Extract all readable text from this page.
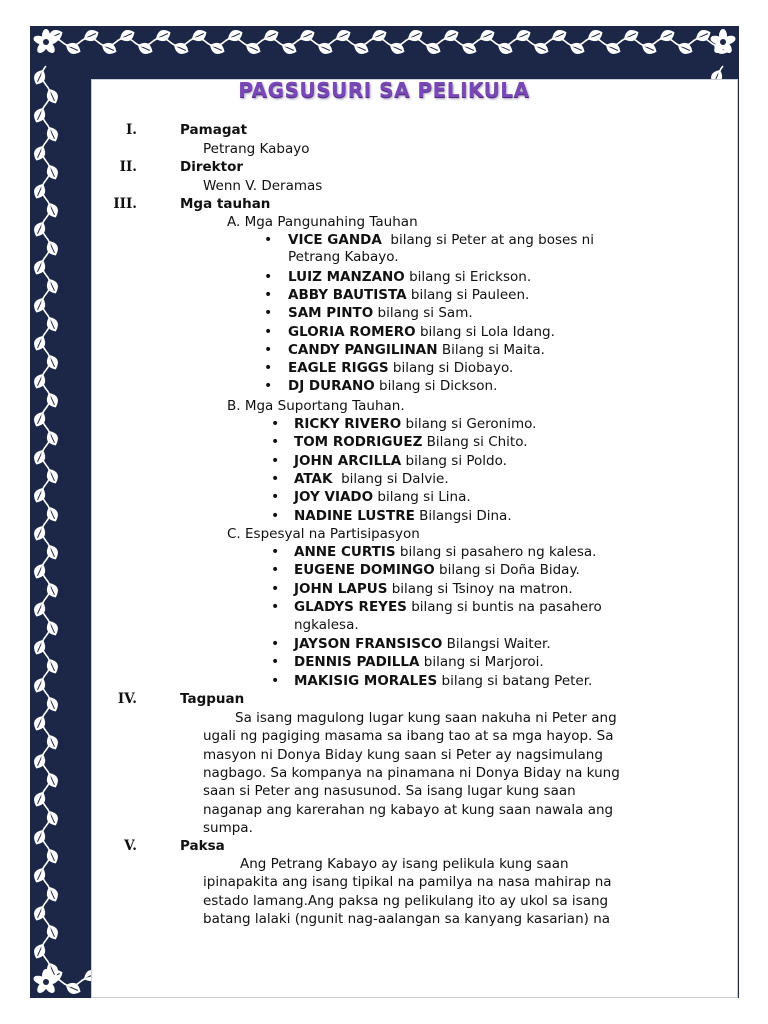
PAGSUSURI SA PELIKULA
I.	Pamagat
Petrang Kabayo
II.	Direktor
Wenn V. Deramas
III.	Mga tauhan
A. Mga Pangunahing Tauhan
• VICE GANDA  bilang si Peter at ang boses ni
Petrang Kabayo.
• LUIZ MANZANO bilang si Erickson.
• ABBY BAUTISTA bilang si Pauleen.
• SAM PINTO bilang si Sam.
• GLORIA ROMERO bilang si Lola Idang.
• CANDY PANGILINAN Bilang si Maita.
• EAGLE RIGGS bilang si Diobayo.
• DJ DURANO bilang si Dickson.
B. Mga Suportang Tauhan.
• RICKY RIVERO bilang si Geronimo.
• TOM RODRIGUEZ Bilang si Chito.
• JOHN ARCILLA bilang si Poldo.
• ATAK  bilang si Dalvie.
• JOY VIADO bilang si Lina.
• NADINE LUSTRE Bilangsi Dina.
C. Espesyal na Partisipasyon
• ANNE CURTIS bilang si pasahero ng kalesa.
• EUGENE DOMINGO bilang si Doña Biday.
• JOHN LAPUS bilang si Tsinoy na matron.
• GLADYS REYES bilang si buntis na pasahero
ngkalesa.
• JAYSON FRANSISCO Bilangsi Waiter.
• DENNIS PADILLA bilang si Marjoroi.
• MAKISIG MORALES bilang si batang Peter.
IV.	Tagpuan
Sa isang magulong lugar kung saan nakuha ni Peter ang
ugali ng pagiging masama sa ibang tao at sa mga hayop. Sa
masyon ni Donya Biday kung saan si Peter ay nagsimulang
nagbago. Sa kompanya na pinamana ni Donya Biday na kung
saan si Peter ang nasusunod. Sa isang lugar kung saan
naganap ang karerahan ng kabayo at kung saan nawala ang
sumpa.
V.	Paksa
Ang Petrang Kabayo ay isang pelikula kung saan
ipinapakita ang isang tipikal na pamilya na nasa mahirap na
estado lamang.Ang paksa ng pelikulang ito ay ukol sa isang
batang lalaki (ngunit nag-aalangan sa kanyang kasarian) na
